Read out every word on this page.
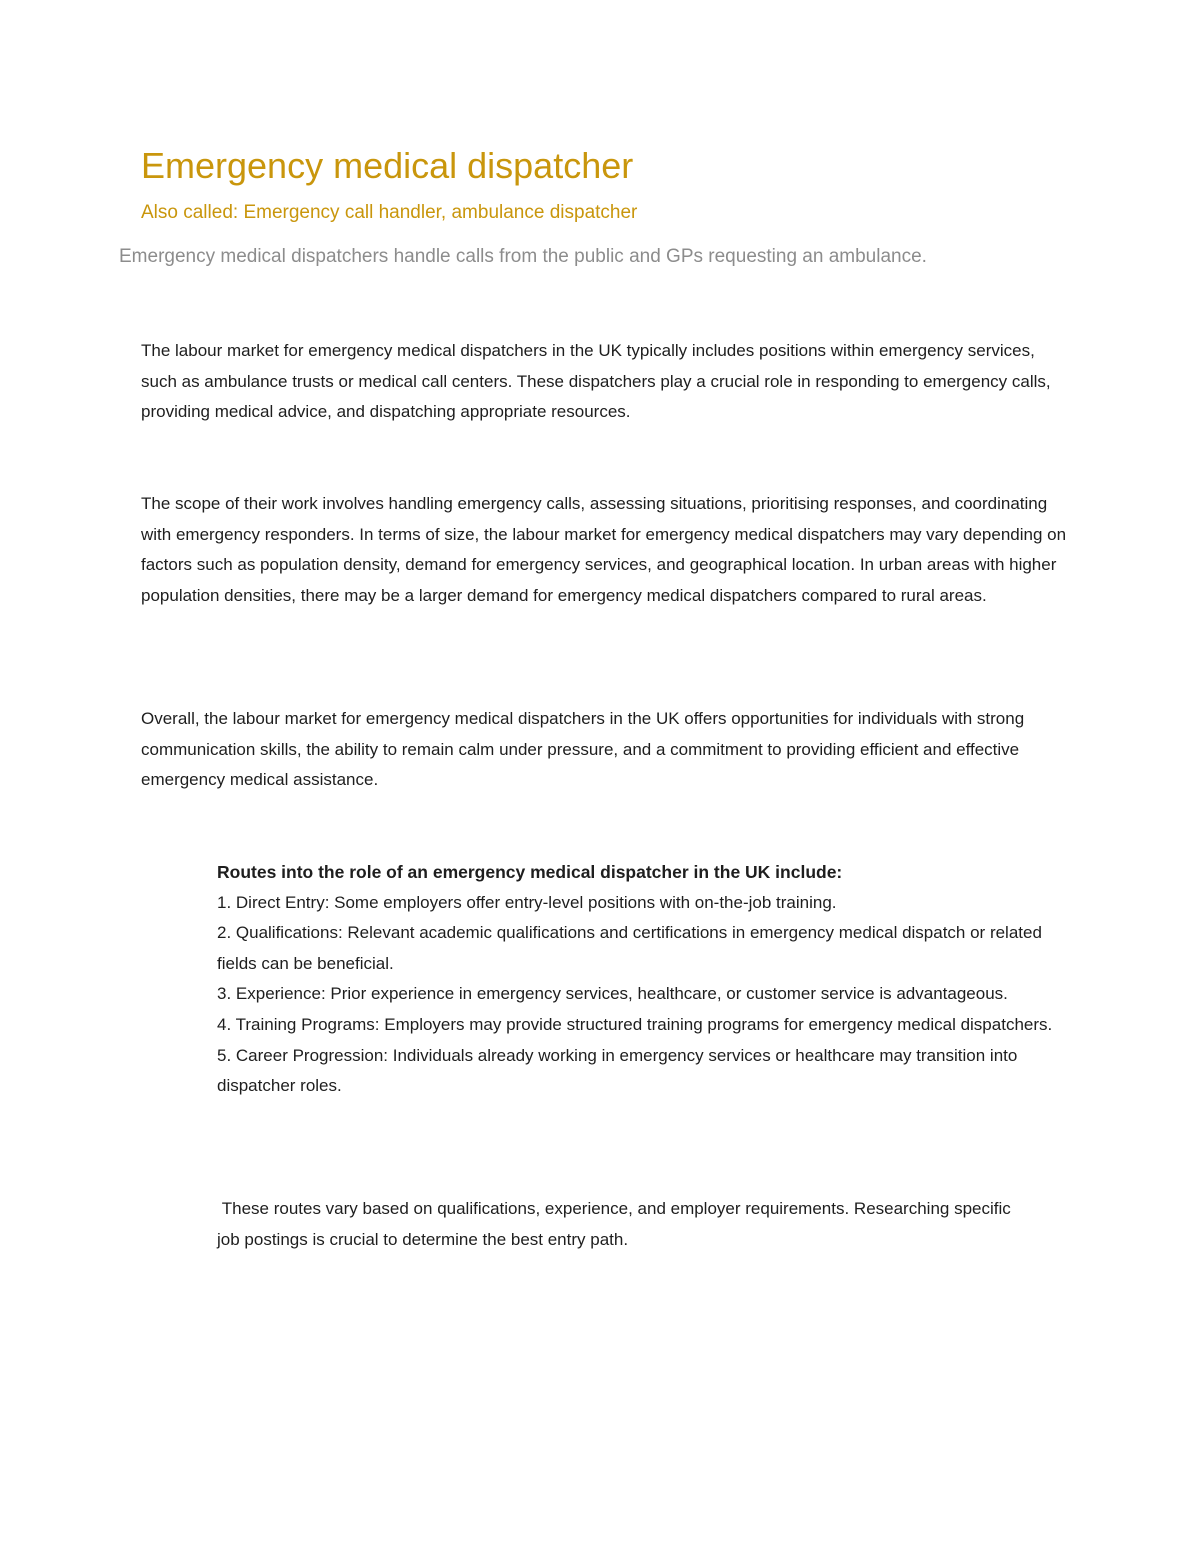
Emergency medical dispatcher

Also called: Emergency call handler, ambulance dispatcher

Emergency medical dispatchers handle calls from the public and GPs requesting an ambulance.

The labour market for emergency medical dispatchers in the UK typically includes positions within emergency services, such as ambulance trusts or medical call centers. These dispatchers play a crucial role in responding to emergency calls, providing medical advice, and dispatching appropriate resources.

The scope of their work involves handling emergency calls, assessing situations, prioritising responses, and coordinating with emergency responders. In terms of size, the labour market for emergency medical dispatchers may vary depending on factors such as population density, demand for emergency services, and geographical location. In urban areas with higher population densities, there may be a larger demand for emergency medical dispatchers compared to rural areas.

Overall, the labour market for emergency medical dispatchers in the UK offers opportunities for individuals with strong communication skills, the ability to remain calm under pressure, and a commitment to providing efficient and effective emergency medical assistance.

Routes into the role of an emergency medical dispatcher in the UK include:
1. Direct Entry: Some employers offer entry-level positions with on-the-job training.
2. Qualifications: Relevant academic qualifications and certifications in emergency medical dispatch or related fields can be beneficial.
3. Experience: Prior experience in emergency services, healthcare, or customer service is advantageous.
4. Training Programs: Employers may provide structured training programs for emergency medical dispatchers.
5. Career Progression: Individuals already working in emergency services or healthcare may transition into dispatcher roles.

These routes vary based on qualifications, experience, and employer requirements. Researching specific job postings is crucial to determine the best entry path.
